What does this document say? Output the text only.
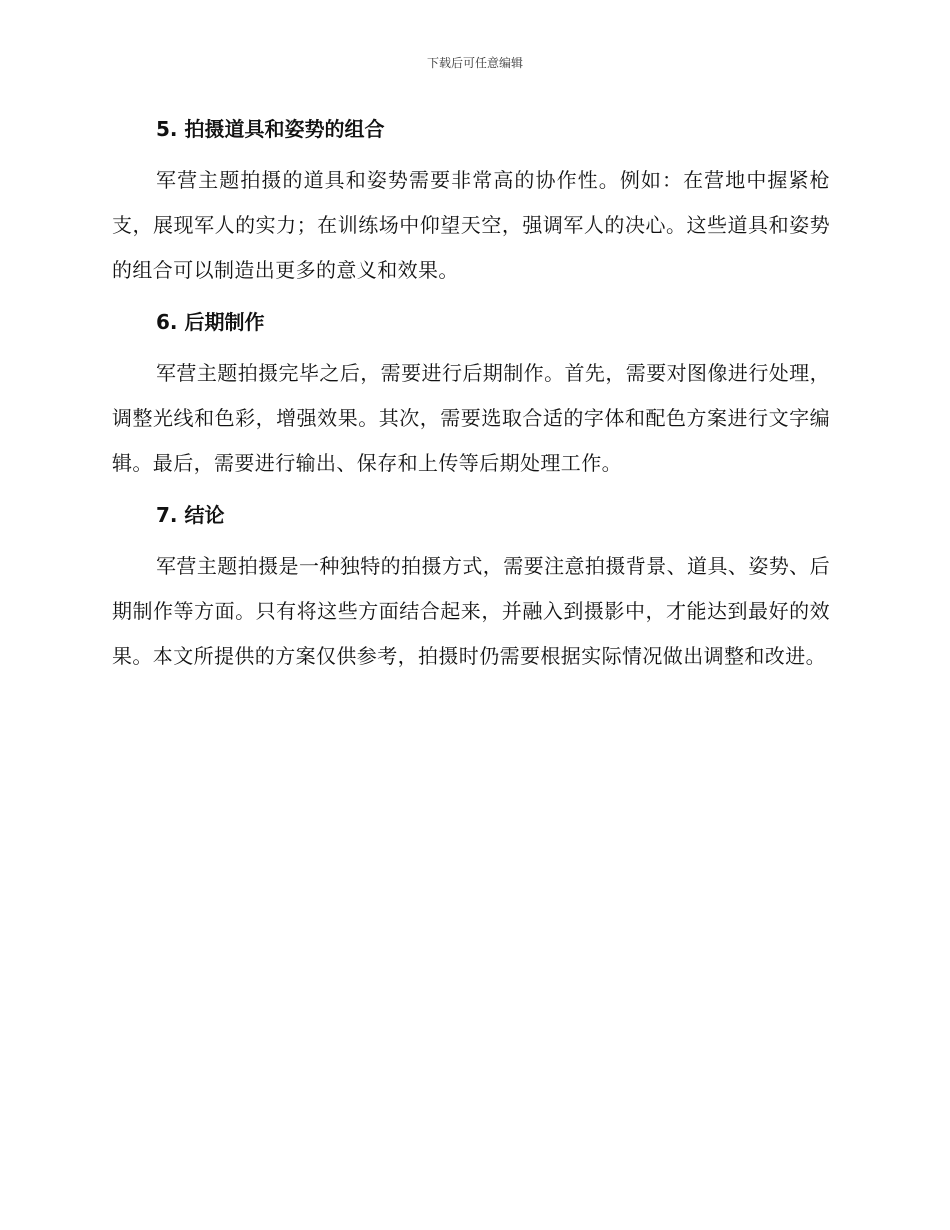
下载后可任意编辑
5. 拍摄道具和姿势的组合

军营主题拍摄的道具和姿势需要非常高的协作性。例如：在营地中握紧枪支，展现军人的实力；在训练场中仰望天空，强调军人的决心。这些道具和姿势的组合可以制造出更多的意义和效果。

6. 后期制作

军营主题拍摄完毕之后，需要进行后期制作。首先，需要对图像进行处理，调整光线和色彩，增强效果。其次，需要选取合适的字体和配色方案进行文字编辑。最后，需要进行输出、保存和上传等后期处理工作。

7. 结论

军营主题拍摄是一种独特的拍摄方式，需要注意拍摄背景、道具、姿势、后期制作等方面。只有将这些方面结合起来，并融入到摄影中，才能达到最好的效果。本文所提供的方案仅供参考，拍摄时仍需要根据实际情况做出调整和改进。
